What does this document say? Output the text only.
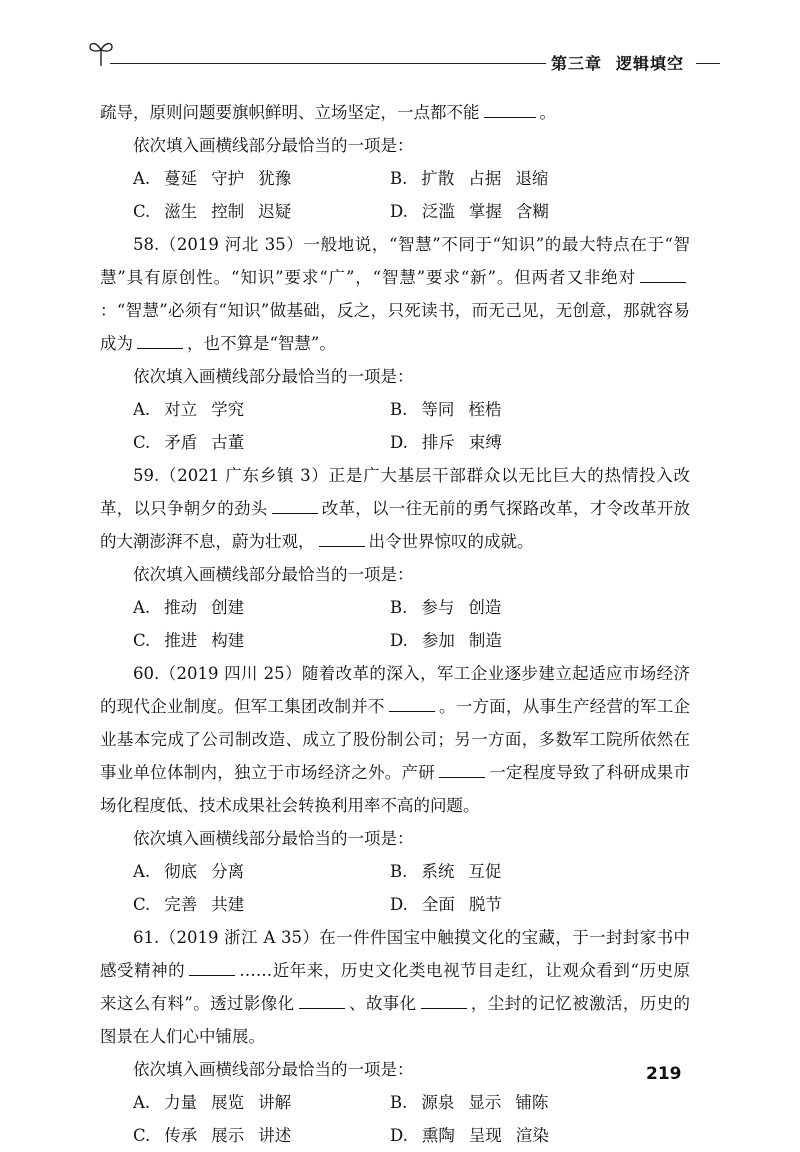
第三章 逻辑填空

疏导，原则问题要旗帜鲜明、立场坚定，一点都不能	。

依次填入画横线部分最恰当的一项是：

A. 蔓延 守护 犹豫	B. 扩散 占据 退缩
C. 滋生 控制 迟疑	D. 泛滥 掌握 含糊

58.（2019 河北 35）一般地说，“智慧”不同于“知识”的最大特点在于“智慧”具有原创性。“知识”要求“广”，“智慧”要求“新”。但两者又非绝对：“智慧”必须有“知识”做基础，反之，只死读书，而无己见，无创意，那就容易成为	，也不算是“智慧”。

依次填入画横线部分最恰当的一项是：

A. 对立 学究	B. 等同 桎梏
C. 矛盾 古董	D. 排斥 束缚

59.（2021 广东乡镇 3）正是广大基层干部群众以无比巨大的热情投入改革，以只争朝夕的劲头	改革，以一往无前的勇气探路改革，才令改革开放的大潮澎湃不息，蔚为壮观，	出令世界惊叹的成就。

依次填入画横线部分最恰当的一项是：

A. 推动 创建	B. 参与 创造
C. 推进 构建	D. 参加 制造

60.（2019 四川 25）随着改革的深入，军工企业逐步建立起适应市场经济的现代企业制度。但军工集团改制并不	。一方面，从事生产经营的军工企业基本完成了公司制改造、成立了股份制公司；另一方面，多数军工院所依然在事业单位体制内，独立于市场经济之外。产研	一定程度导致了科研成果市场化程度低、技术成果社会转换利用率不高的问题。

依次填入画横线部分最恰当的一项是：

A. 彻底 分离	B. 系统 互促
C. 完善 共建	D. 全面 脱节

61.（2019 浙江 A 35）在一件件国宝中触摸文化的宝藏，于一封封家书中感受精神的	……近年来，历史文化类电视节目走红，让观众看到“历史原来这么有料”。透过影像化	、故事化	，尘封的记忆被激活，历史的图景在人们心中铺展。

依次填入画横线部分最恰当的一项是：

A. 力量 展览 讲解	B. 源泉 显示 铺陈
C. 传承 展示 讲述	D. 熏陶 呈现 渲染
219
